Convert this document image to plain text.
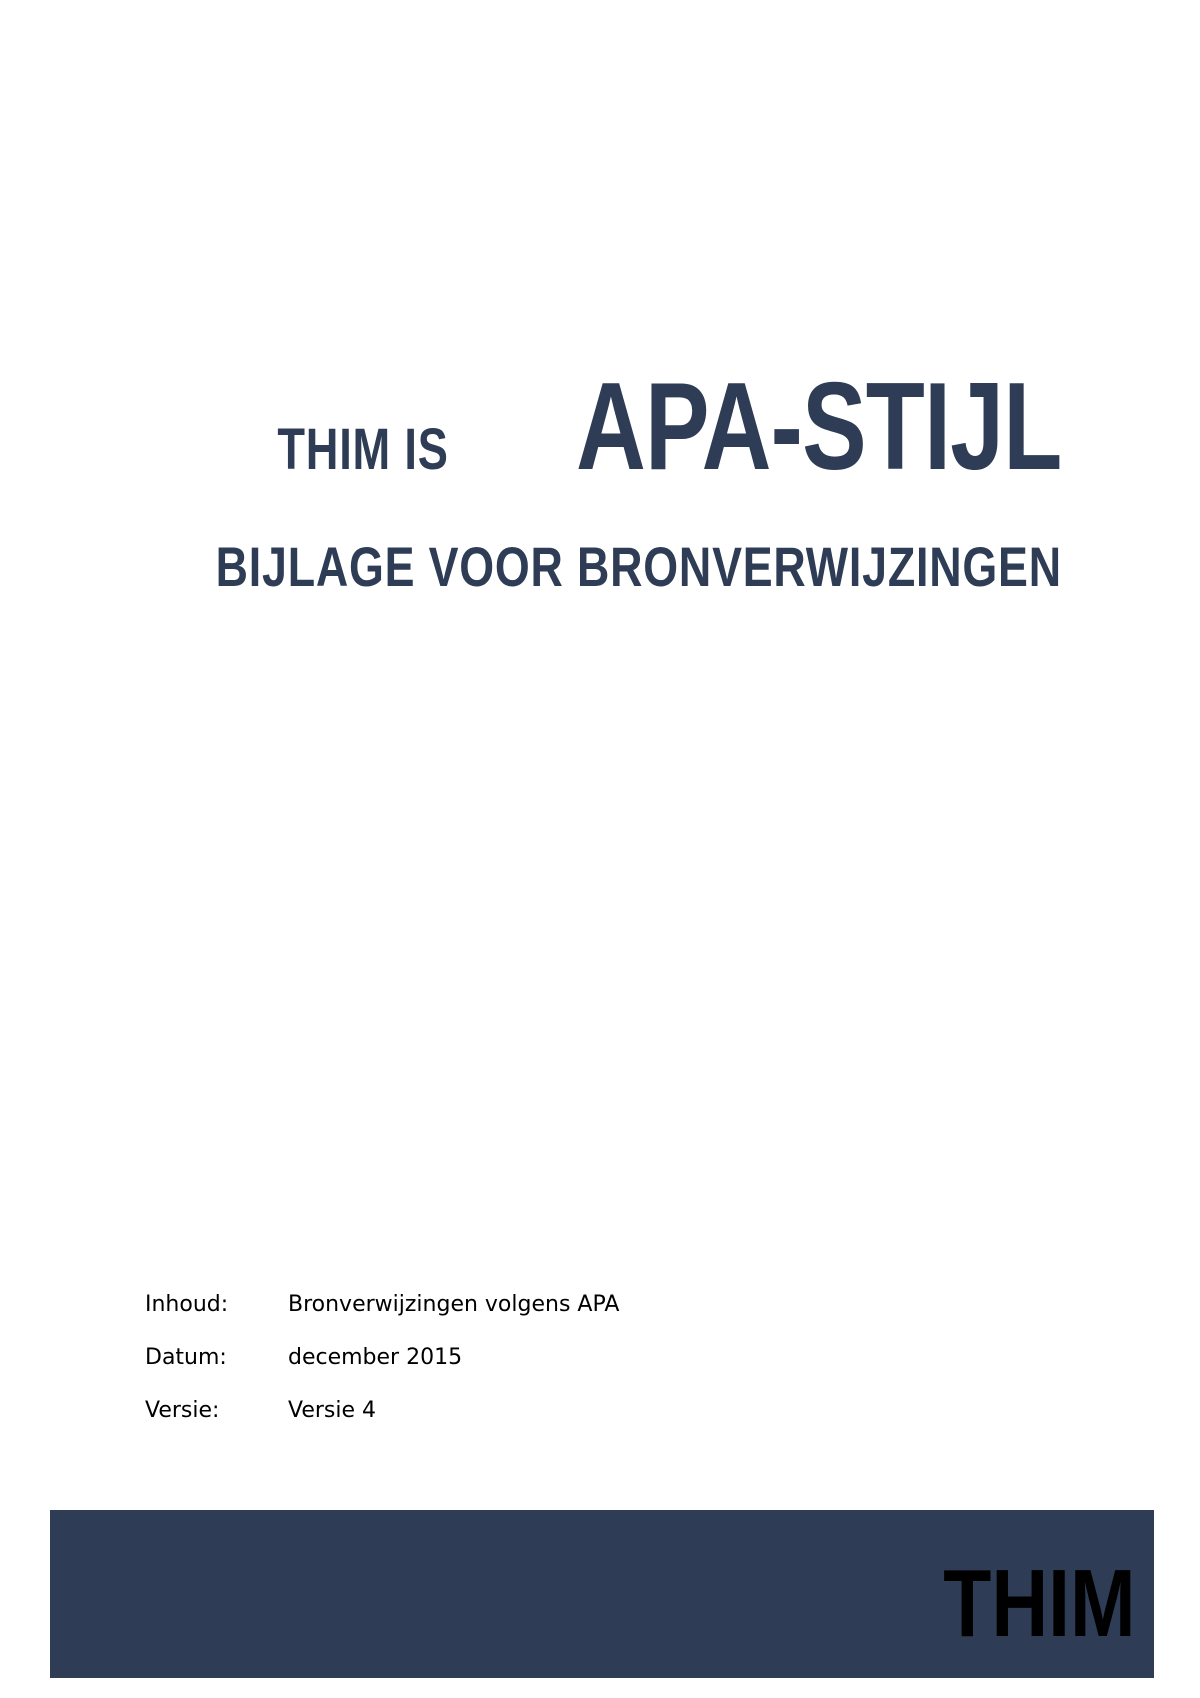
THIM IS APA-STIJL
BIJLAGE VOOR BRONVERWIJZINGEN
Inhoud:	Bronverwijzingen volgens APA
Datum:	december 2015
Versie:	Versie 4
THIM
